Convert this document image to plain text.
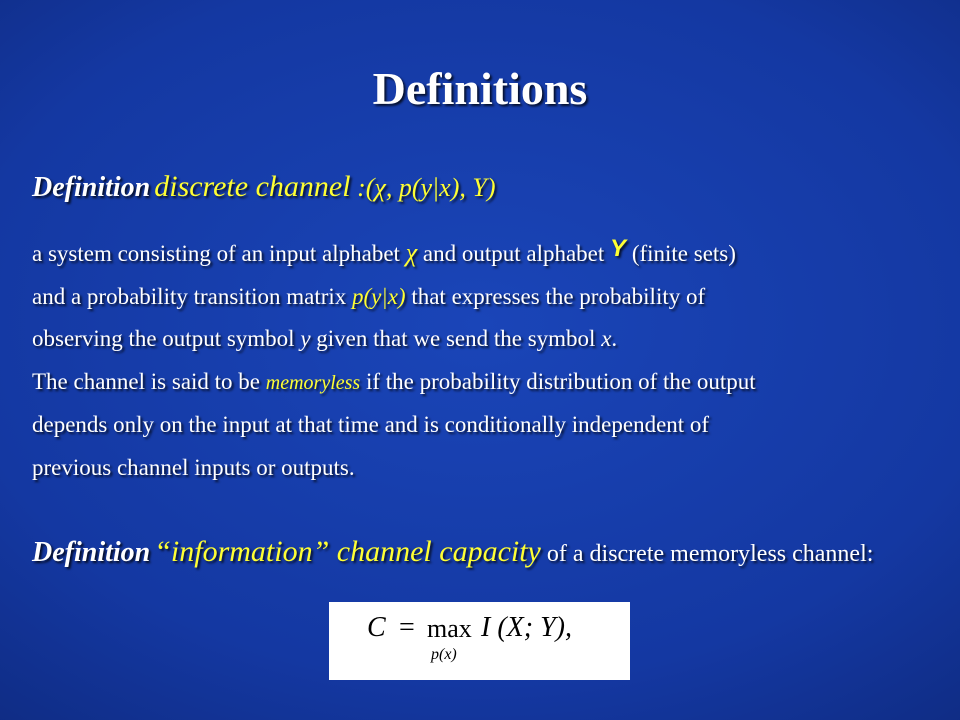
Definitions
Definition discrete channel :(χ, p(y|x), Y)

a system consisting of an input alphabet χ and output alphabet Y (finite sets)

and a probability transition matrix p(y|x) that expresses the probability of

observing the output symbol y given that we send the symbol x.

The channel is said to be memoryless if the probability distribution of the output

depends only on the input at that time and is conditionally independent of

previous channel inputs or outputs.

Definition “information” channel capacity of a discrete memoryless channel:
C = max
p(x)
I (X; Y),
